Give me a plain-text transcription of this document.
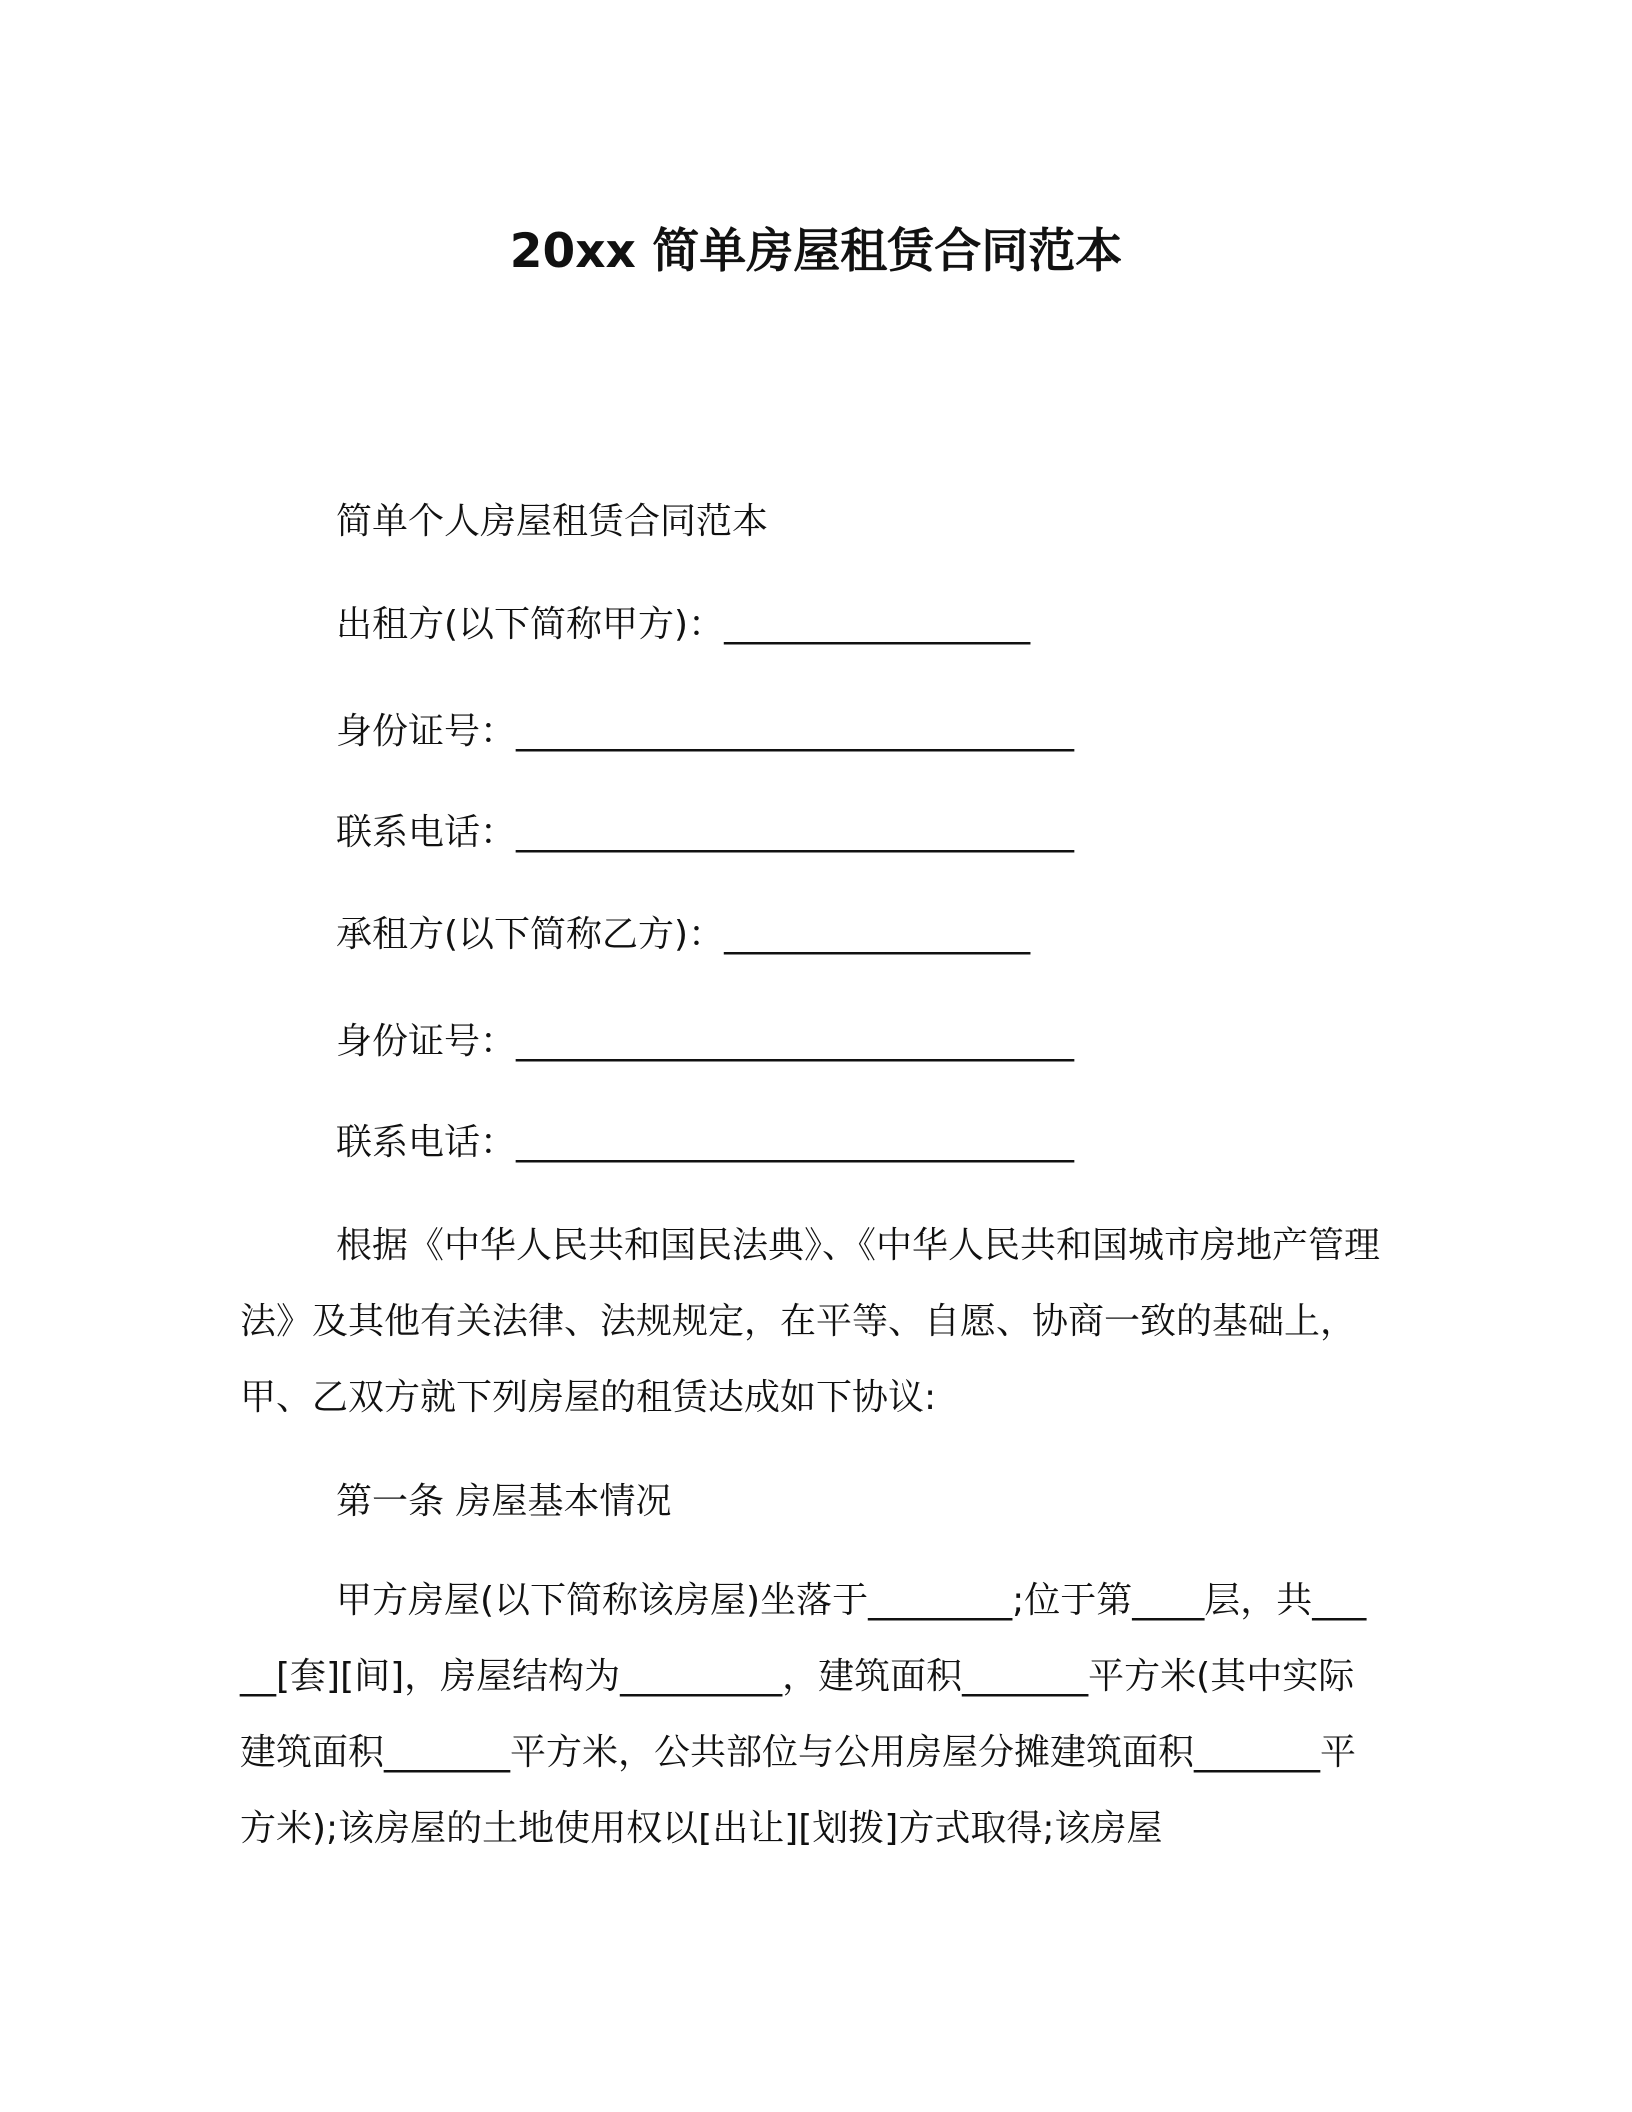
20xx 简单房屋租赁合同范本
简单个人房屋租赁合同范本
出租方(以下简称甲方)：_________________
身份证号：_______________________________
联系电话：_______________________________
承租方(以下简称乙方)：_________________
身份证号：_______________________________
联系电话：_______________________________
根据《中华人民共和国民法典》、《中华人民共和国城市房地产管理法》及其他有关法律、法规规定，在平等、自愿、协商一致的基础上，甲、乙双方就下列房屋的租赁达成如下协议:
第一条 房屋基本情况
甲方房屋(以下简称该房屋)坐落于________;位于第____层，共_____[套][间]，房屋结构为_________，建筑面积_______平方米(其中实际建筑面积_______平方米，公共部位与公用房屋分摊建筑面积_______平方米);该房屋的土地使用权以[出让][划拨]方式取得;该房屋
